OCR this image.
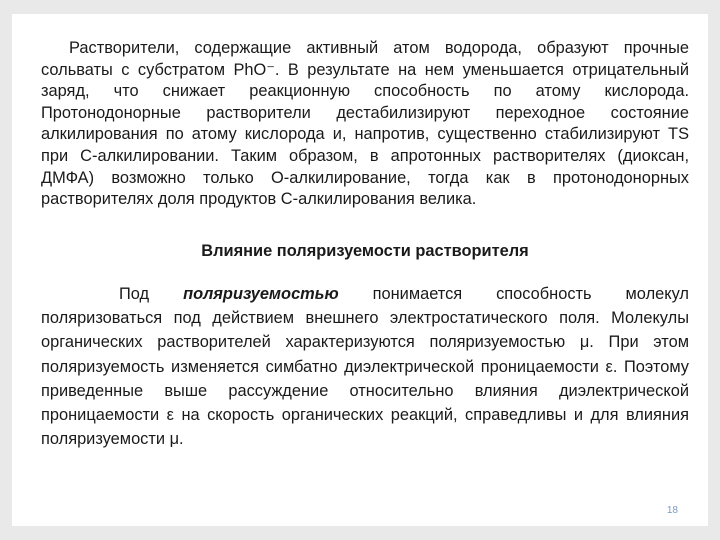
Растворители, содержащие активный атом водорода, образуют прочные сольваты с субстратом PhO⁻. В результате на нем уменьшается отрицательный заряд, что снижает реакционную способность по атому кислорода. Протонодонорные растворители дестабилизируют переходное состояние алкилирования по атому кислорода и, напротив, существенно стабилизируют TS при С-алкилировании. Таким образом, в апротонных растворителях (диоксан, ДМФА) возможно только О-алкилирование, тогда как в протонодонорных растворителях доля продуктов С-алкилирования велика.
Влияние поляризуемости растворителя
Под поляризуемостью понимается способность молекул поляризоваться под действием внешнего электростатического поля. Молекулы органических растворителей характеризуются поляризуемостью μ. При этом поляризуемость изменяется симбатно диэлектрической проницаемости ε. Поэтому приведенные выше рассуждение относительно влияния диэлектрической проницаемости ε на скорость органических реакций, справедливы и для влияния поляризуемости μ.
18
